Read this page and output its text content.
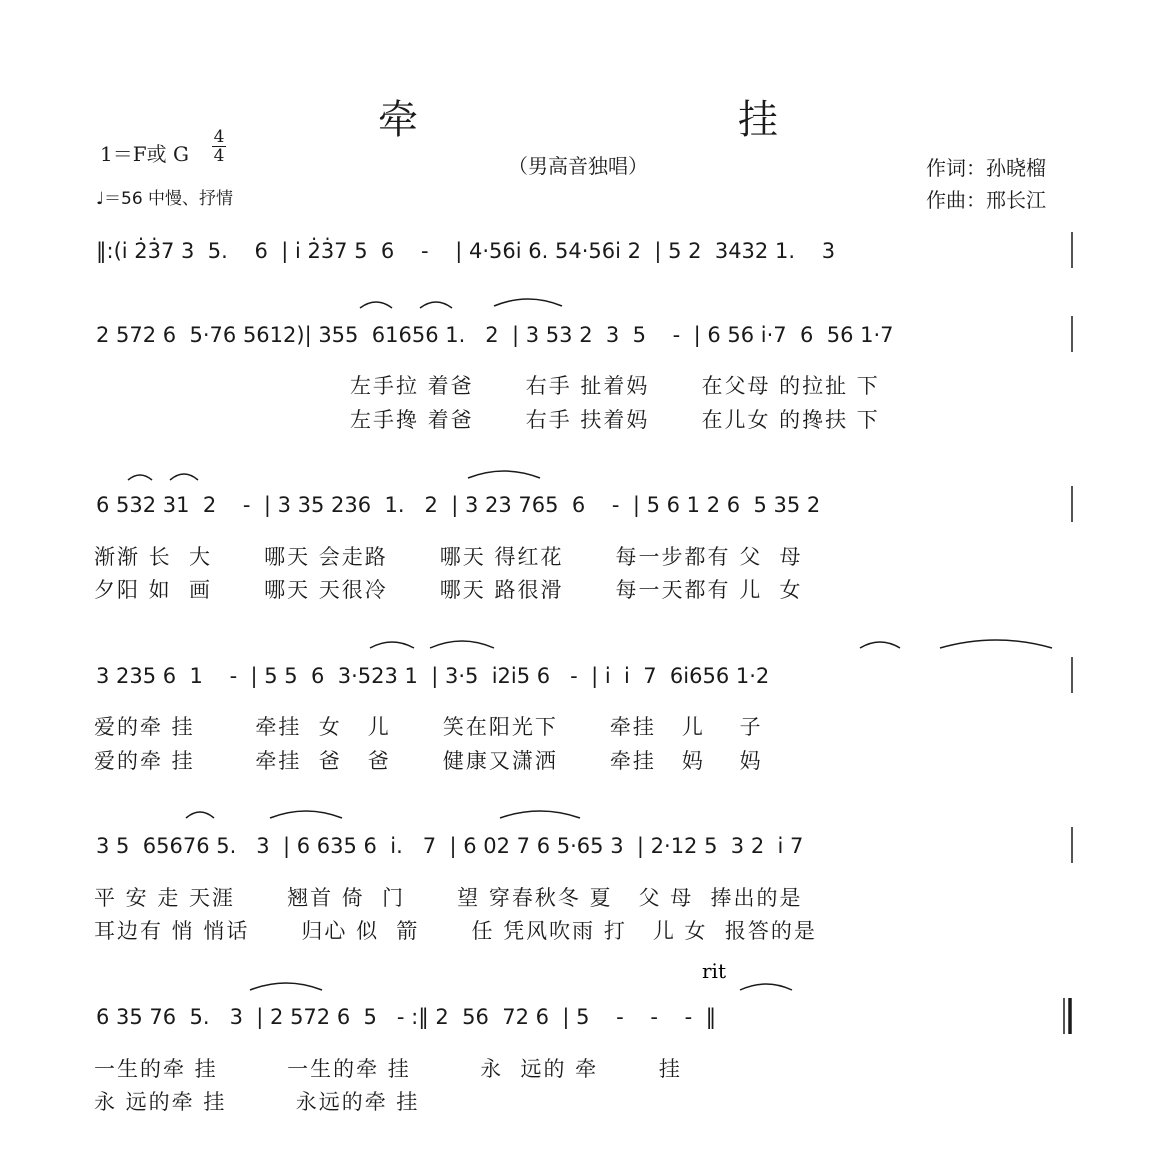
牵　　挂
（男高音独唱）
1＝F或 G $\frac{4}{4}$
♩＝56 中慢、抒情
作词：孙晓榴
作曲：邢长江
‖:(i 2̇3̇7 3  5.    6  | i 2̇3̇7 5  6    -    | 4·56i 6. 54·56i 2  | 5 2  3432 1.    3
2 572 6  5·76 5612)| 355  61656 1.   2  | 3 53 2  3  5    -  | 6 56 i·7  6  56 1·7
6 532 31  2    -  | 3 35 236  1.   2  | 3 23 765  6    -  | 5 6 1 2 6  5 35 2
3 235 6  1    -  | 5 5  6  3·523 1  | 3·5  i2i5 6   -  | i  i  7  6i656 1·2
3 5  65676 5.   3  | 6 635 6  i.   7  | 6 02 7 6 5·65 3  | 2·12 5  3 2  i 7
6 35 76  5.   3  | 2 572 6  5   - :‖ 2  56  72 6  | 5    -    -    -  ‖
rit
左手拉 着爸      右手 扯着妈      在父母 的拉扯 下
左手搀 着爸      右手 扶着妈      在儿女 的搀扶 下
渐渐 长  大      哪天 会走路      哪天 得红花      每一步都有 父  母
夕阳 如  画      哪天 天很冷      哪天 路很滑      每一天都有 儿  女
爱的牵 挂       牵挂  女   儿      笑在阳光下      牵挂   儿    子
爱的牵 挂       牵挂  爸   爸      健康又潇洒      牵挂   妈    妈
平 安 走 天涯      翘首 倚  门      望 穿春秋冬 夏   父 母  捧出的是
耳边有 悄 悄话      归心 似  箭      任 凭风吹雨 打   儿 女  报答的是
一生的牵 挂        一生的牵 挂        永  远的 牵       挂
永 远的牵 挂        永远的牵 挂
